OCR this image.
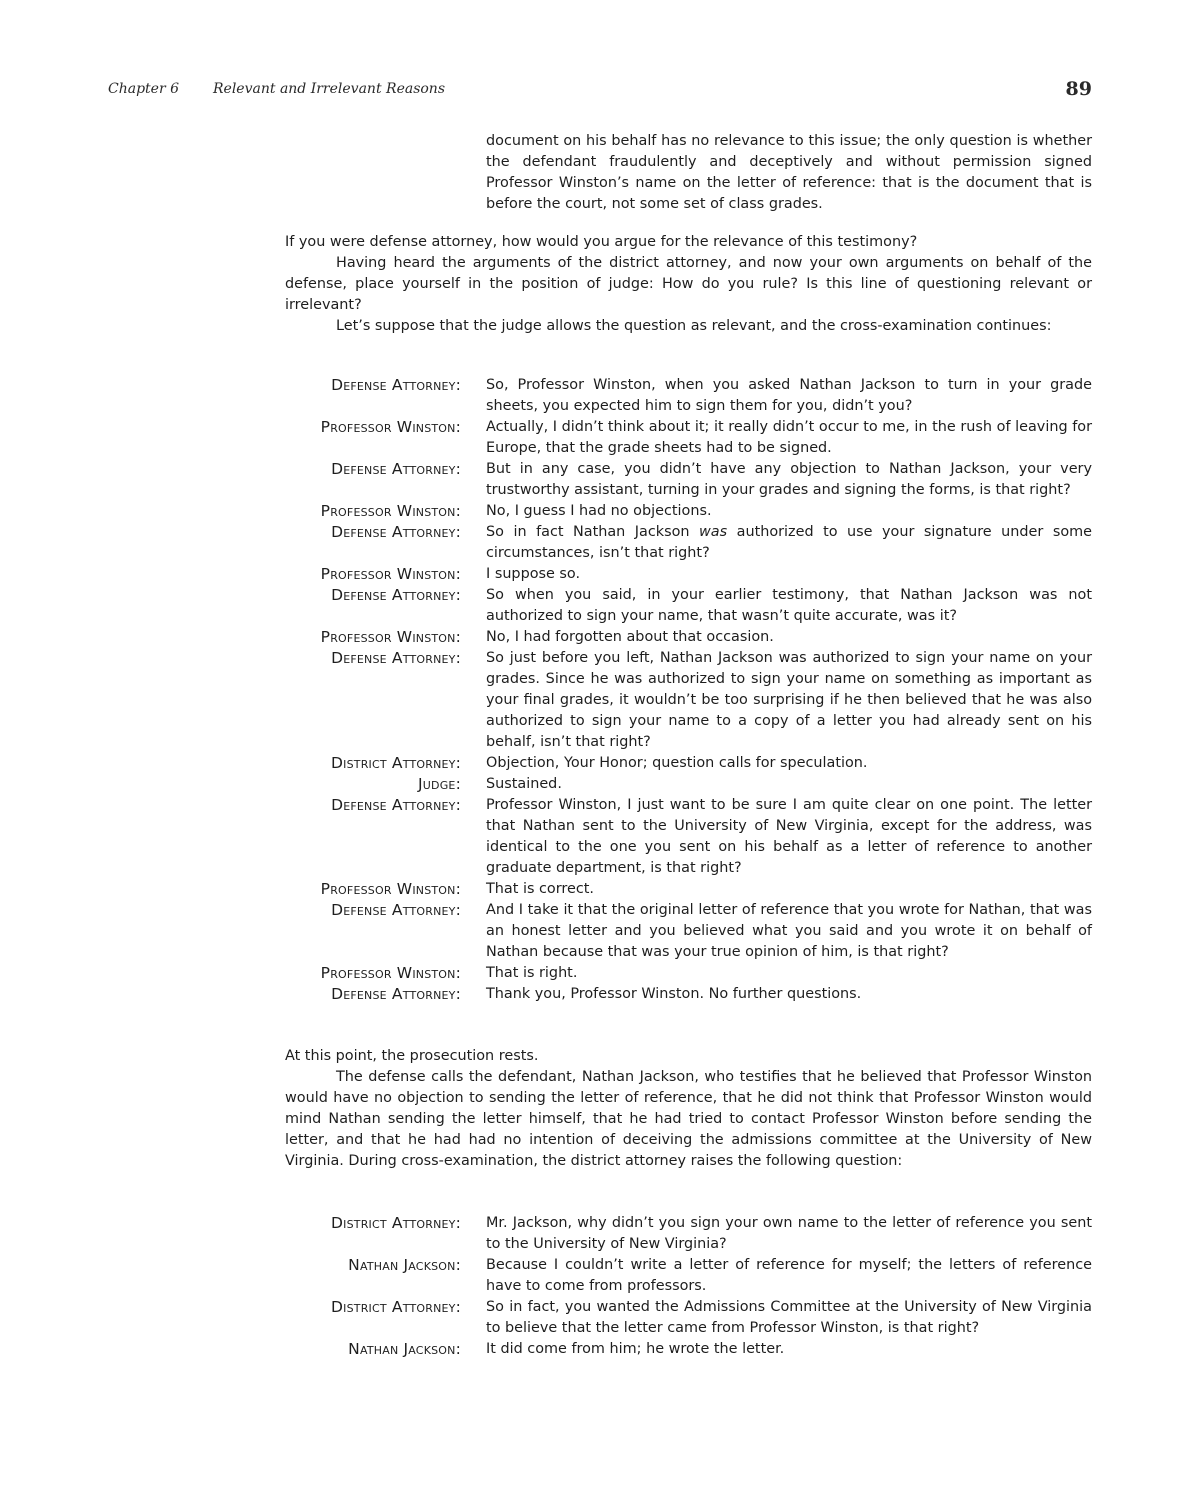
Chapter 6 Relevant and Irrelevant Reasons	89

document on his behalf has no relevance to this issue; the only question is whether the defendant fraudulently and deceptively and without permission signed Professor Winston’s name on the letter of reference: that is the document that is before the court, not some set of class grades.

If you were defense attorney, how would you argue for the relevance of this testimony?

Having heard the arguments of the district attorney, and now your own arguments on behalf of the defense, place yourself in the position of judge: How do you rule? Is this line of questioning relevant or irrelevant?

Let’s suppose that the judge allows the question as relevant, and the cross-examination continues:

Defense Attorney: So, Professor Winston, when you asked Nathan Jackson to turn in your grade sheets, you expected him to sign them for you, didn’t you?
Professor Winston: Actually, I didn’t think about it; it really didn’t occur to me, in the rush of leaving for Europe, that the grade sheets had to be signed.
Defense Attorney: But in any case, you didn’t have any objection to Nathan Jackson, your very trustworthy assistant, turning in your grades and signing the forms, is that right?
Professor Winston: No, I guess I had no objections.
Defense Attorney: So in fact Nathan Jackson was authorized to use your signature under some circumstances, isn’t that right?
Professor Winston: I suppose so.
Defense Attorney: So when you said, in your earlier testimony, that Nathan Jackson was not authorized to sign your name, that wasn’t quite accurate, was it?
Professor Winston: No, I had forgotten about that occasion.
Defense Attorney: So just before you left, Nathan Jackson was authorized to sign your name on your grades. Since he was authorized to sign your name on something as important as your final grades, it wouldn’t be too surprising if he then believed that he was also authorized to sign your name to a copy of a letter you had already sent on his behalf, isn’t that right?
District Attorney: Objection, Your Honor; question calls for speculation.
Judge: Sustained.
Defense Attorney: Professor Winston, I just want to be sure I am quite clear on one point. The letter that Nathan sent to the University of New Virginia, except for the address, was identical to the one you sent on his behalf as a letter of reference to another graduate department, is that right?
Professor Winston: That is correct.
Defense Attorney: And I take it that the original letter of reference that you wrote for Nathan, that was an honest letter and you believed what you said and you wrote it on behalf of Nathan because that was your true opinion of him, is that right?
Professor Winston: That is right.
Defense Attorney: Thank you, Professor Winston. No further questions.

At this point, the prosecution rests.

The defense calls the defendant, Nathan Jackson, who testifies that he believed that Professor Winston would have no objection to sending the letter of reference, that he did not think that Professor Winston would mind Nathan sending the letter himself, that he had tried to contact Professor Winston before sending the letter, and that he had had no intention of deceiving the admissions committee at the University of New Virginia. During cross-examination, the district attorney raises the following question:

District Attorney: Mr. Jackson, why didn’t you sign your own name to the letter of reference you sent to the University of New Virginia?
Nathan Jackson: Because I couldn’t write a letter of reference for myself; the letters of reference have to come from professors.
District Attorney: So in fact, you wanted the Admissions Committee at the University of New Virginia to believe that the letter came from Professor Winston, is that right?
Nathan Jackson: It did come from him; he wrote the letter.
